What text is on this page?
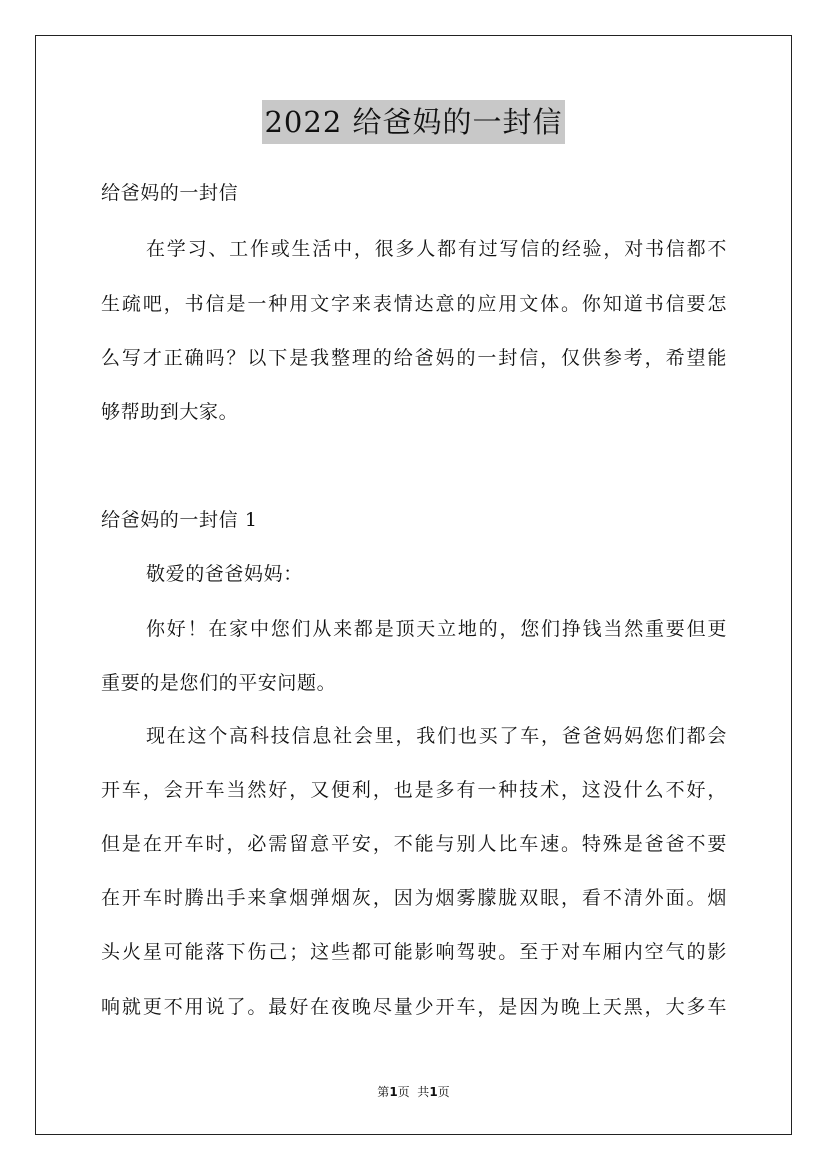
2022 给爸妈的一封信
给爸妈的一封信
在学习、工作或生活中，很多人都有过写信的经验，对书信都不
生疏吧，书信是一种用文字来表情达意的应用文体。你知道书信要怎
么写才正确吗？以下是我整理的给爸妈的一封信，仅供参考，希望能
够帮助到大家。
给爸妈的一封信 1
敬爱的爸爸妈妈：
你好！在家中您们从来都是顶天立地的，您们挣钱当然重要但更
重要的是您们的平安问题。
现在这个高科技信息社会里，我们也买了车，爸爸妈妈您们都会
开车，会开车当然好，又便利，也是多有一种技术，这没什么不好，
但是在开车时，必需留意平安，不能与别人比车速。特殊是爸爸不要
在开车时腾出手来拿烟弹烟灰，因为烟雾朦胧双眼，看不清外面。烟
头火星可能落下伤己；这些都可能影响驾驶。至于对车厢内空气的影
响就更不用说了。最好在夜晚尽量少开车，是因为晚上天黑，大多车
第1页  共1页
